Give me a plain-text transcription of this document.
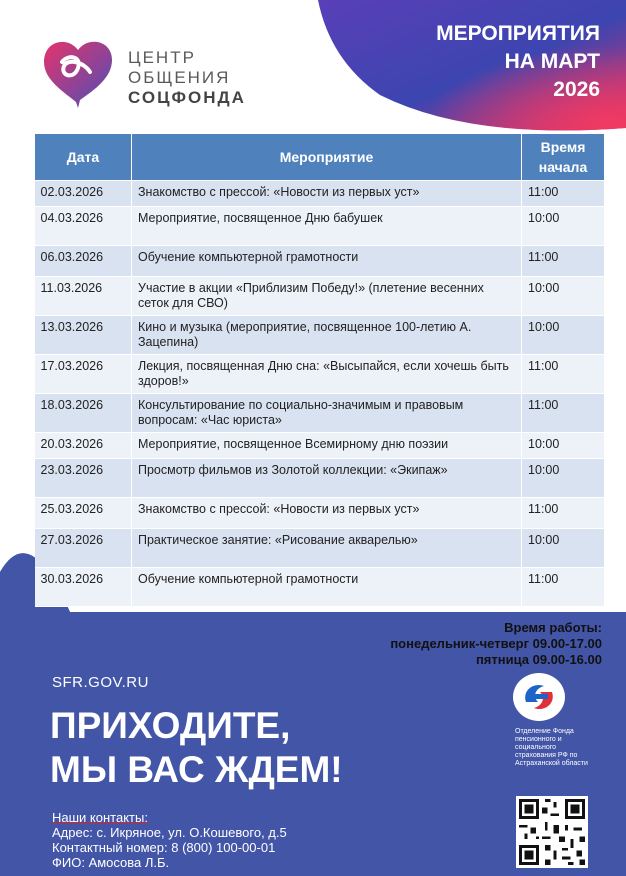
ЦЕНТР
ОБЩЕНИЯ
СОЦФОНДА
МЕРОПРИЯТИЯ
НА МАРТ
2026
Дата	Мероприятие	Время
начала
02.03.2026	Знакомство с прессой: «Новости из первых уст»	11:00
04.03.2026	Мероприятие, посвященное Дню бабушек	10:00
06.03.2026	Обучение компьютерной грамотности	11:00
11.03.2026	Участие в акции «Приблизим Победу!» (плетение весенних сеток для СВО)	10:00
13.03.2026	Кино и музыка (мероприятие, посвященное 100-летию А. Зацепина)	10:00
17.03.2026	Лекция, посвященная Дню сна: «Высыпайся, если хочешь быть здоров!»	11:00
18.03.2026	Консультирование по социально-значимым и правовым вопросам: «Час юриста»	11:00
20.03.2026	Мероприятие, посвященное Всемирному дню поэзии	10:00
23.03.2026	Просмотр фильмов из Золотой коллекции: «Экипаж»	10:00
25.03.2026	Знакомство с прессой: «Новости из первых уст»	11:00
27.03.2026	Практическое занятие: «Рисование акварелью»	10:00
30.03.2026	Обучение компьютерной грамотности	11:00
Время работы:
понедельник-четверг 09.00-17.00
пятница 09.00-16.00
SFR.GOV.RU
ПРИХОДИТЕ,
МЫ ВАС ЖДЕМ!
Наши контакты:
Адрес: с. Икряное, ул. О.Кошевого, д.5
Контактный номер: 8 (800) 100-00-01
ФИО: Амосова Л.Б.
Отделение Фонда пенсионного и социального страхования РФ по Астраханской области
